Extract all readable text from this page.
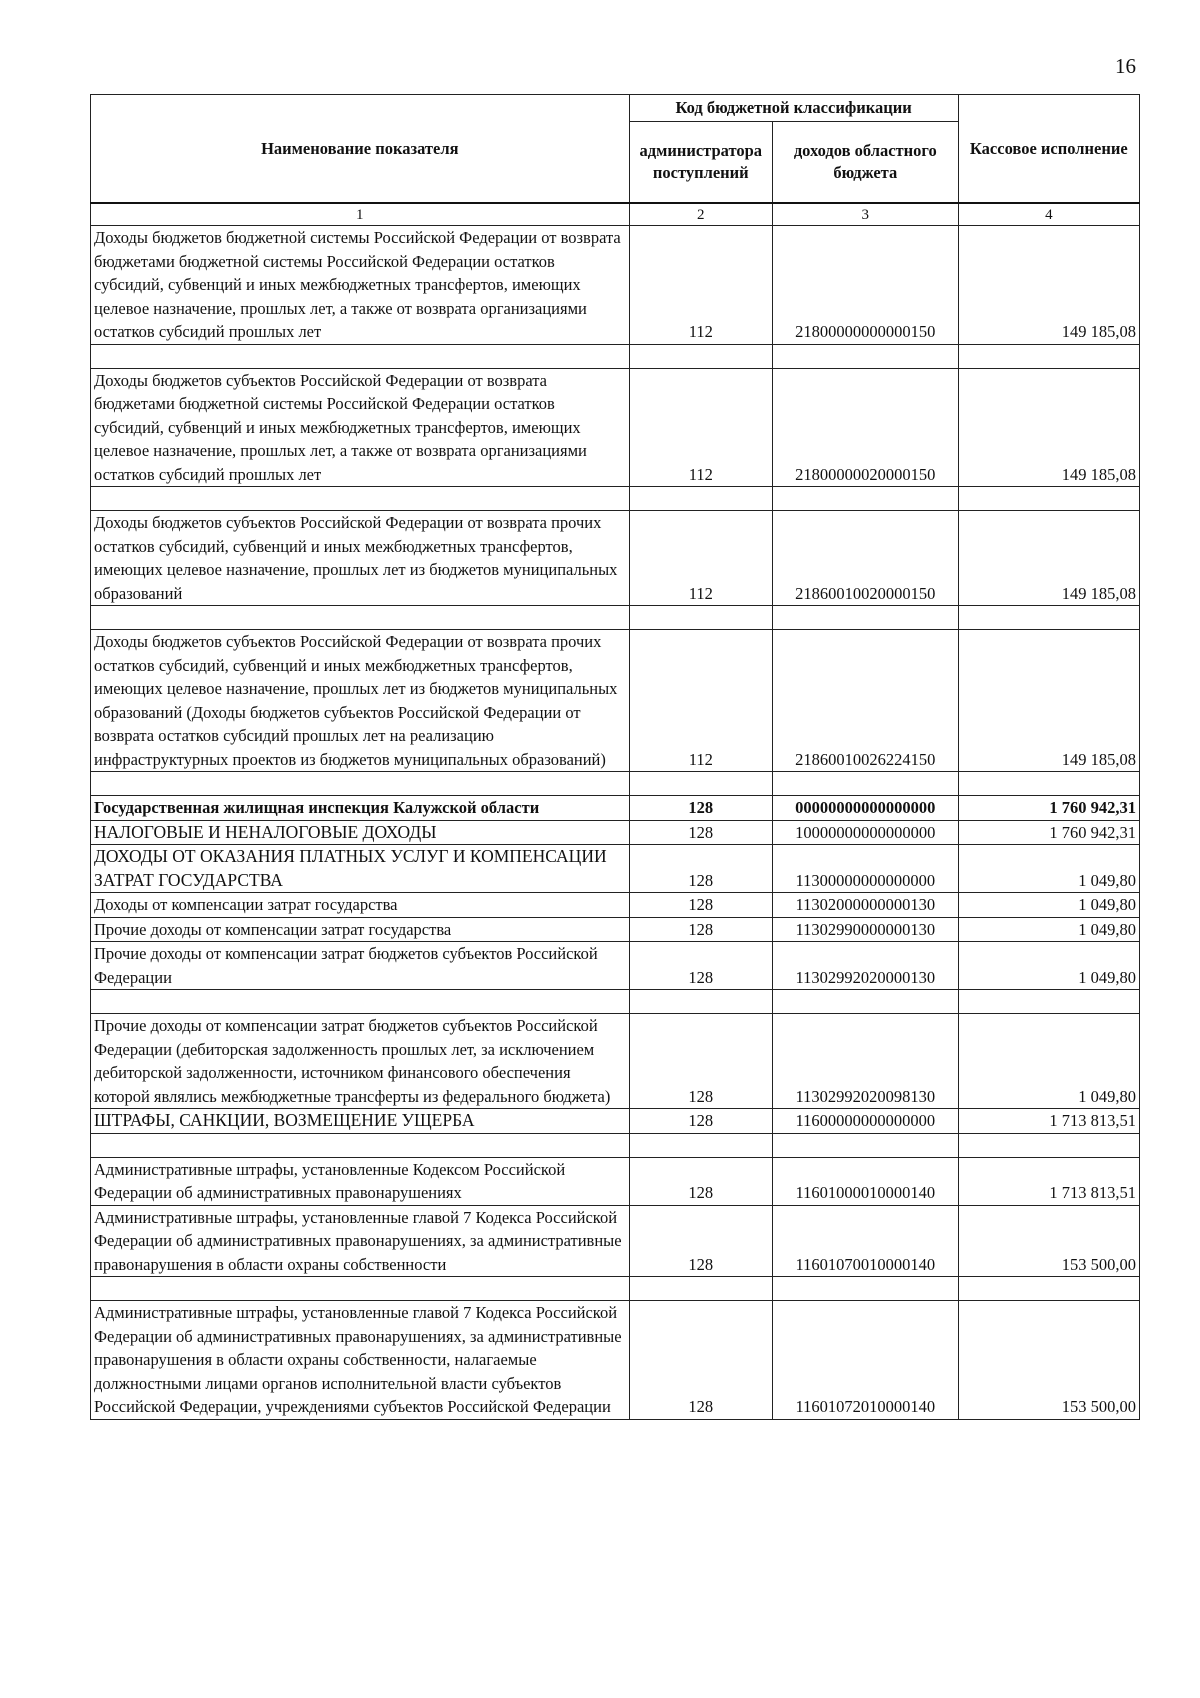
16
Наименование показателя	Код бюджетной классификации		Кассовое исполнение
	администратора поступлений	доходов областного бюджета	
1	2	3	4
Доходы бюджетов бюджетной системы Российской Федерации от возврата бюджетами бюджетной системы Российской Федерации остатков субсидий, субвенций и иных межбюджетных трансфертов, имеющих целевое назначение, прошлых лет, а также от возврата организациями остатков субсидий прошлых лет	112	21800000000000150	149 185,08

Доходы бюджетов субъектов Российской Федерации от возврата бюджетами бюджетной системы Российской Федерации остатков субсидий, субвенций и иных межбюджетных трансфертов, имеющих целевое назначение, прошлых лет, а также от возврата организациями остатков субсидий прошлых лет	112	21800000020000150	149 185,08

Доходы бюджетов субъектов Российской Федерации от возврата прочих остатков субсидий, субвенций и иных межбюджетных трансфертов, имеющих целевое назначение, прошлых лет из бюджетов муниципальных образований	112	21860010020000150	149 185,08

Доходы бюджетов субъектов Российской Федерации от возврата прочих остатков субсидий, субвенций и иных межбюджетных трансфертов, имеющих целевое назначение, прошлых лет из бюджетов муниципальных образований (Доходы бюджетов субъектов Российской Федерации от возврата остатков субсидий прошлых лет на реализацию инфраструктурных проектов из бюджетов муниципальных образований)	112	21860010026224150	149 185,08

Государственная жилищная инспекция Калужской области	128	00000000000000000	1 760 942,31
НАЛОГОВЫЕ И НЕНАЛОГОВЫЕ ДОХОДЫ	128	10000000000000000	1 760 942,31
ДОХОДЫ ОТ ОКАЗАНИЯ ПЛАТНЫХ УСЛУГ И КОМПЕНСАЦИИ ЗАТРАТ ГОСУДАРСТВА	128	11300000000000000	1 049,80
Доходы от компенсации затрат государства	128	11302000000000130	1 049,80
Прочие доходы от компенсации затрат государства	128	11302990000000130	1 049,80
Прочие доходы от компенсации затрат бюджетов субъектов Российской Федерации	128	11302992020000130	1 049,80

Прочие доходы от компенсации затрат бюджетов субъектов Российской Федерации (дебиторская задолженность прошлых лет, за исключением дебиторской задолженности, источником финансового обеспечения которой являлись межбюджетные трансферты из федерального бюджета)	128	11302992020098130	1 049,80
ШТРАФЫ, САНКЦИИ, ВОЗМЕЩЕНИЕ УЩЕРБА	128	11600000000000000	1 713 813,51

Административные штрафы, установленные Кодексом Российской Федерации об административных правонарушениях	128	11601000010000140	1 713 813,51
Административные штрафы, установленные главой 7 Кодекса Российской Федерации об административных правонарушениях, за административные правонарушения в области охраны собственности	128	11601070010000140	153 500,00

Административные штрафы, установленные главой 7 Кодекса Российской Федерации об административных правонарушениях, за административные правонарушения в области охраны собственности, налагаемые должностными лицами органов исполнительной власти субъектов Российской Федерации, учреждениями субъектов Российской Федерации	128	11601072010000140	153 500,00
